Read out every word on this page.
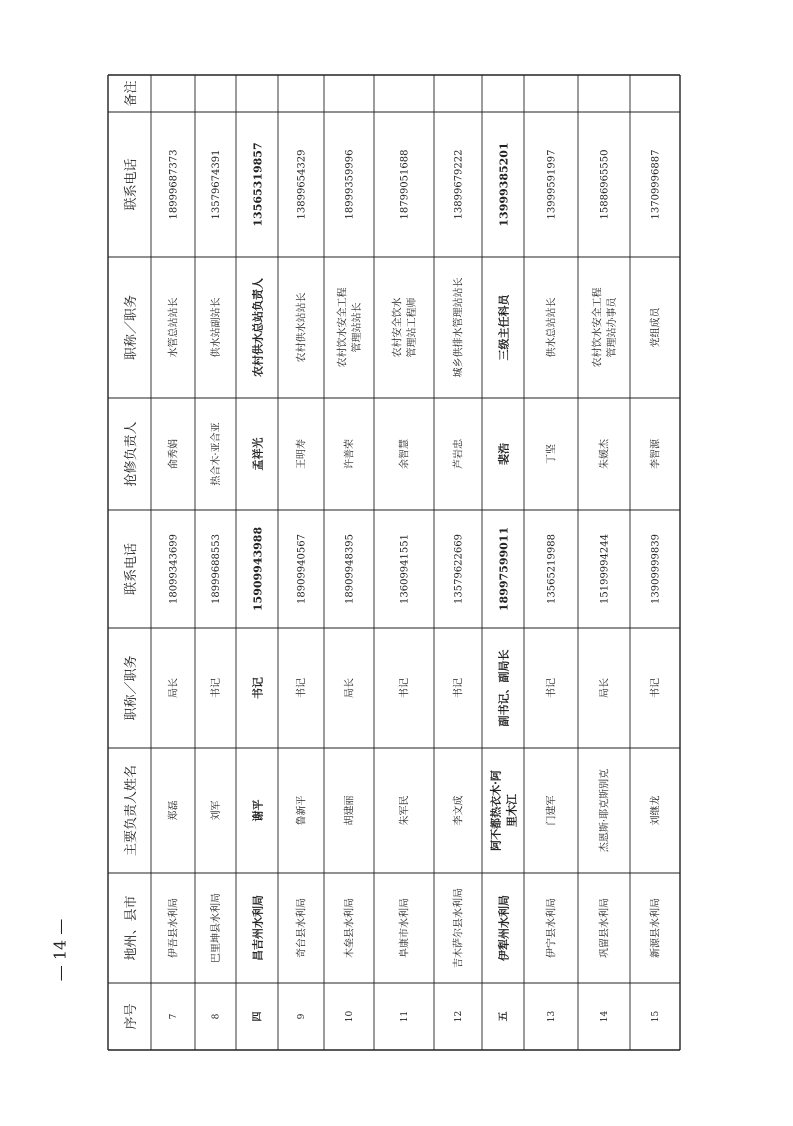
序号
地州、县市
主要负责人姓名
职称／职务
联系电话
抢修负责人
职称／职务
联系电话
备注
7
伊吾县水利局
郑磊
局长
18099343699
俞秀娟
水管总站站长
18999687373
8
巴里坤县水利局
刘军
书记
18999688553
热合木·亚合亚
供水站副站长
13579674391
四
昌吉州水利局
谢平
书记
15909943988
孟祥光
农村供水总站负责人
13565319857
9
奇台县水利局
鲁新平
书记
18909940567
王明寿
农村供水站站长
13899654329
10
木垒县水利局
胡建丽
局长
18909948395
许善荣
农村饮水安全工程 管理站站长
18999359996
11
阜康市水利局
朱军民
书记
13609941551
余智慧
农村安全饮水 管理站工程师
18799051688
12
吉木萨尔县水利局
李文成
书记
13579622669
芦岩忠
城乡供排水管理站站长
13899679222
五
伊犁州水利局
阿不都热衣木·阿 里木江
副书记、副局长
18997599011
裴浩
三级主任科员
13999385201
13
伊宁县水利局
门建军
书记
13565219988
丁坚
供水总站站长
13999591997
14
巩留县水利局
杰恩斯·耶克斯别克
局长
15199994244
朱媛杰
农村饮水安全工程 管理站办事员
15886965550
15
新源县水利局
刘继龙
书记
13909999839
李智源
党组成员
13709996887
— 14 —
